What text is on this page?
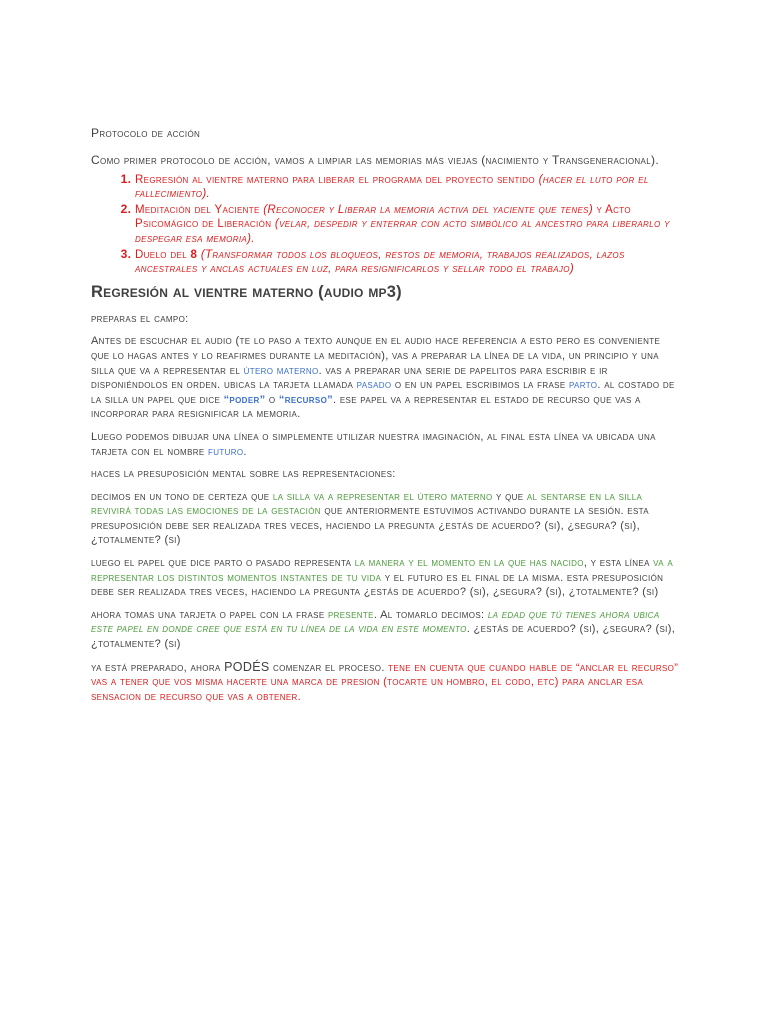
Protocolo de acción

Como primer protocolo de acción, vamos a limpiar las memorias más viejas (nacimiento y Transgeneracional).

1. Regresión al vientre materno para liberar el programa del proyecto sentido (hacer el luto por el fallecimiento).
2. Meditación del Yaciente (Reconocer y Liberar la memoria activa del yaciente que tenes) y Acto Psicomágico de Liberación (velar, despedir y enterrar con acto simbólico al ancestro para liberarlo y despegar esa memoria).
3. Duelo del 8 (Transformar todos los bloqueos, restos de memoria, trabajos realizados, lazos ancestrales y anclas actuales en luz, para resignificarlos y sellar todo el trabajo)

Regresión al vientre materno (audio mp3)

preparas el campo:

Antes de escuchar el audio (te lo paso a texto aunque en el audio hace referencia a esto pero es conveniente que lo hagas antes y lo reafirmes durante la meditación), vas a preparar la línea de la vida, un principio y una silla que va a representar el útero materno. vas a preparar una serie de papelitos para escribir e ir disponiéndolos en orden. ubicas la tarjeta llamada pasado o en un papel escribimos la frase parto. al costado de la silla un papel que dice “poder” o “recurso”. ese papel va a representar el estado de recurso que vas a incorporar para resignificar la memoria.

Luego podemos dibujar una línea o simplemente utilizar nuestra imaginación, al final esta línea va ubicada una tarjeta con el nombre futuro.

haces la presuposición mental sobre las representaciones:

decimos en un tono de certeza que la silla va a representar el útero materno y que al sentarse en la silla revivirá todas las emociones de la gestación que anteriormente estuvimos activando durante la sesión. esta presuposición debe ser realizada tres veces, haciendo la pregunta ¿estás de acuerdo? (si), ¿segura? (si), ¿totalmente? (si)

luego el papel que dice parto o pasado representa la manera y el momento en la que has nacido, y esta línea va a representar los distintos momentos instantes de tu vida y el futuro es el final de la misma. esta presuposición debe ser realizada tres veces, haciendo la pregunta ¿estás de acuerdo? (si), ¿segura? (si), ¿totalmente? (si)

ahora tomas una tarjeta o papel con la frase presente. Al tomarlo decimos: la edad que tú tienes ahora ubica este papel en donde cree que está en tu línea de la vida en este momento. ¿estás de acuerdo? (si), ¿segura? (si), ¿totalmente? (si)

ya está preparado, ahora PODÉS comenzar el proceso. tene en cuenta que cuando hable de “anclar el recurso” vas a tener que vos misma hacerte una marca de presion (tocarte un hombro, el codo, etc) para anclar esa sensacion de recurso que vas a obtener.
